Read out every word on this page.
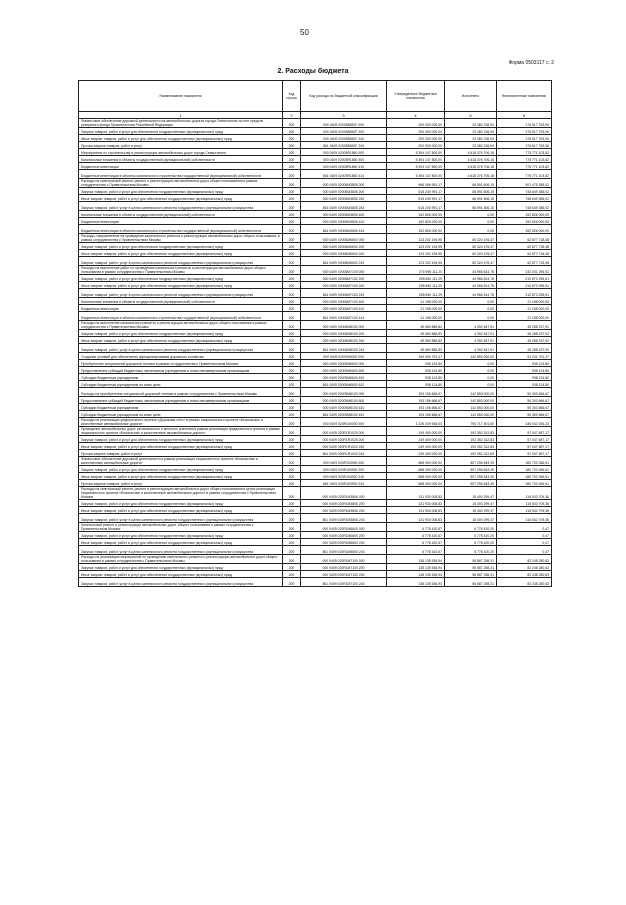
50
Форма 0503117 с. 2
2. Расходы бюджета
Наименование показателя	Код строки	Код расхода по бюджетной классификации	Утвержденные бюджетные назначения	Исполнено	Неисполненные назначения
1	2	3	4	5	6
Финансовое обеспечение дорожной деятельности на автомобильных дорогах города Севастополя за счет средств резервного фонда Правительства Российской Федерации	200	000 0409 020058360F 000	200 000 000,00	23 382 236,94	176 617 763,06
Закупка товаров, работ и услуг для обеспечения государственных (муниципальных) нужд	200	000 0409 020058360F 200	200 000 000,00	23 382 236,94	176 617 763,06
Иные закупки товаров, работ и услуг для обеспечения государственных (муниципальных) нужд	200	000 0409 020058360F 240	200 000 000,00	23 382 236,94	176 617 763,06
Прочая закупка товаров, работ и услуг	200	861 0409 020058360F 244	200 000 000,00	23 382 236,94	176 617 763,06
Мероприятия по строительству и реконструкции автомобильных дорог города Севастополя	200	000 0409 02005R1860 000	5 394 147 800,00	4 618 376 706,18	775 771 103,82
Капитальные вложения в объекты государственной (муниципальной) собственности	200	000 0409 02005R1860 400	5 394 147 800,00	4 618 376 706,18	775 771 103,82
Бюджетные инвестиции	200	000 0409 02005R1860 410	5 394 147 800,00	4 618 376 706,18	775 771 103,82
Бюджетные инвестиции в объекты капитального строительства государственной (муниципальной) собственности	200	861 0409 02005R1860 414	5 394 147 800,00	4 618 376 706,18	775 771 103,82
Расходы на капитальный ремонт, ремонт и реконструкцию автомобильных дорог общего пользования в рамках сотрудничества с Правительством Москвы	200	000 0409 02006М3805 000	968 066 991,17	66 591 606,15	901 475 385,02
Закупка товаров, работ и услуг для обеспечения государственных (муниципальных) нужд	200	000 0409 02006М3805 200	815 240 991,17	66 591 606,15	748 649 385,02
Иные закупки товаров, работ и услуг для обеспечения государственных (муниципальных) нужд	200	000 0409 02006М3805 240	815 240 991,17	66 591 606,15	748 649 385,02
Закупка товаров, работ, услуг в целях капитального ремонта государственного (муниципального) имущества	200	861 0409 02006М3805 243	815 240 991,17	66 591 606,15	748 649 385,02
Капитальные вложения в объекты государственной (муниципальной) собственности	200	000 0409 02006М3805 400	152 826 000,00	0,00	152 826 000,00
Бюджетные инвестиции	200	000 0409 02006М3805 410	152 826 000,00	0,00	152 826 000,00
Бюджетные инвестиции в объекты капитального строительства государственной (муниципальной) собственности	200	861 0409 02006М3805 414	152 826 000,00	0,00	152 826 000,00
Расходы, направленные на проведение капитального ремонта и реконструкции автомобильных дорог общего пользования, в рамках сотрудничества с Правительством Москвы	200	000 0409 02006М6600 000	123 202 194,95	60 324 476,47	62 877 718,48
Закупка товаров, работ и услуг для обеспечения государственных (муниципальных) нужд	200	000 0409 02006М6600 200	123 202 194,95	60 324 476,47	62 877 718,48
Иные закупки товаров, работ и услуг для обеспечения государственных (муниципальных) нужд	200	000 0409 02006М6600 240	123 202 194,95	60 324 476,47	62 877 718,48
Закупка товаров, работ, услуг в целях капитального ремонта государственного (муниципального) имущества	200	861 0409 02006М6600 243	123 202 194,95	60 324 476,47	62 877 718,48
Расходы на выполнение работ по проведению капитального ремонта и реконструкции автомобильных дорог общего пользования в рамках сотрудничества с Правительством Москвы	200	000 0409 02006М7100 000	276 998 111,20	44 966 814,78	232 031 296,51
Закупка товаров, работ и услуг для обеспечения государственных (муниципальных) нужд	200	000 0409 02006М7100 200	255 840 111,29	44 966 814,78	210 873 296,51
Иные закупки товаров, работ и услуг для обеспечения государственных (муниципальных) нужд	200	000 0409 02006М7100 240	255 840 111,29	44 966 814,78	210 873 296,51
Закупка товаров, работ, услуг в целях капитального ремонта государственного (муниципального) имущества	200	861 0409 02006М7100 243	255 840 111,29	44 966 814,78	210 873 296,51
Капитальные вложения в объекты государственной (муниципальной) собственности	200	000 0409 02006М7100 400	21 158 000,00	0,00	21 158 000,00
Бюджетные инвестиции	200	000 0409 02006М7100 410	21 158 000,00	0,00	21 158 000,00
Бюджетные инвестиции в объекты капитального строительства государственной (муниципальной) собственности	200	861 0409 02006М7100 414	21 158 000,00	0,00	21 158 000,00
Расходы на выполнение капитального ремонта и реконструкции автомобильных дорог общего пользования в рамках сотрудничества с Правительством Москвы	200	000 0409 02006М8100 000	49 650 885,83	4 392 647,91	45 258 237,92
Закупка товаров, работ и услуг для обеспечения государственных (муниципальных) нужд	200	000 0409 02006М8100 200	49 650 885,83	4 392 647,91	45 258 237,92
Иные закупки товаров, работ и услуг для обеспечения государственных (муниципальных) нужд	200	000 0409 02006М8100 240	49 650 885,83	4 392 647,91	45 258 237,92
Закупка товаров, работ, услуг в целях капитального ремонта государственного (муниципального) имущества	200	861 0409 02006М8100 243	49 650 885,83	4 392 647,91	45 258 237,92
Создание условий для обеспечения функционирования дорожного хозяйства	200	000 0409 0200900000 000	194 094 791,47	142 853 000,00	51 241 791,47
Приобретение специальной дорожной техники в рамках сотрудничества с Правительством Москвы	200	000 0409 02009М6600 000	938 124,80	0,00	938 124,80
Предоставление субсидий бюджетным, автономным учреждениям и иным некоммерческим организациям	200	000 0409 02009М6600 600	938 124,80	0,00	938 124,80
Субсидии бюджетным учреждениям	200	000 0409 02009М6600 610	938 124,80	0,00	938 124,80
Субсидии бюджетным учреждениям на иные цели	200	861 0409 02009М6600 612	938 124,80	0,00	938 124,80
Расходы на приобретение специальной дорожной техники в рамках сотрудничества с Правительством Москвы	200	000 0409 02009М8100 000	193 156 666,67	142 853 000,00	50 303 666,67
Предоставление субсидий бюджетным, автономным учреждениям и иным некоммерческим организациям	200	000 0409 02009М8100 600	193 156 666,67	142 853 000,00	50 303 666,67
Субсидии бюджетным учреждениям	200	000 0409 02009М8100 610	193 156 666,67	142 853 000,00	50 303 666,67
Субсидии бюджетным учреждениям на иные цели	200	861 0409 02009М8100 612	193 156 666,67	142 853 000,00	50 303 666,67
Расходы на реализацию федерального проекта «Дорожная сеть» в рамках национального проекта «Безопасные и качественные автомобильные дороги»	200	000 0409 020R100000 000	1 226 249 536,04	790 717 501,80	436 532 034,24
Приведение автомобильных дорог регионального и местного значения в рамках реализации федерального проекта в рамках национального проекта «Безопасные и качественные автомобильные дороги»	200	000 0409 020R1R1020 000	249 400 000,00	192 352 312,83	57 047 687,17
Закупка товаров, работ и услуг для обеспечения государственных (муниципальных) нужд	200	000 0409 020R1R1020 200	249 400 000,00	192 352 312,83	57 047 687,17
Иные закупки товаров, работ и услуг для обеспечения государственных (муниципальных) нужд	200	000 0409 020R1R1020 240	249 400 000,00	192 352 312,83	57 047 687,17
Прочая закупка товаров, работ и услуг	200	861 0409 020R1R1020 244	249 400 000,00	192 352 312,83	57 047 687,17
Финансовое обеспечение дорожной деятельности в рамках реализации национального проекта «Безопасные и качественные автомобильные дороги»	200	000 0409 020R153930 000	688 000 000,00	507 296 643,39	180 703 356,61
Закупка товаров, работ и услуг для обеспечения государственных (муниципальных) нужд	200	000 0409 020R153930 200	688 000 000,00	507 296 643,39	180 703 356,61
Иные закупки товаров, работ и услуг для обеспечения государственных (муниципальных) нужд	200	000 0409 020R153930 240	688 000 000,00	507 296 643,39	180 703 356,61
Прочая закупка товаров, работ и услуг	200	861 0409 020R153930 244	688 000 000,00	507 296 643,39	180 703 356,61
Расходы на капитальный ремонт, ремонт и реконструкцию автомобильных дорог общего пользования в целях реализации национального проекта «Безопасные и качественные автомобильные дороги» в рамках сотрудничества с Правительством Москвы	200	000 0409 020R1М3806 000	131 933 008,83	15 400 299,47	116 532 709,36
Закупка товаров, работ и услуг для обеспечения государственных (муниципальных) нужд	200	000 0409 020R1М3806 200	131 933 008,83	15 400 299,47	116 532 709,36
Иные закупки товаров, работ и услуг для обеспечения государственных (муниципальных) нужд	200	000 0409 020R1М3806 240	131 933 008,83	15 400 299,47	116 532 709,36
Закупка товаров, работ, услуг в целях капитального ремонта государственного (муниципального) имущества	200	861 0409 020R1М3806 243	131 933 008,83	15 400 299,47	116 532 709,36
Капитальный ремонт и реконструкция автомобильных дорог общего пользования в рамках сотрудничества с Правительством Москвы	200	000 0409 020R1М6600 000	6 778 420,67	6 778 420,20	0,47
Закупка товаров, работ и услуг для обеспечения государственных (муниципальных) нужд	200	000 0409 020R1М6600 200	6 778 420,67	6 778 420,20	0,47
Иные закупки товаров, работ и услуг для обеспечения государственных (муниципальных) нужд	200	000 0409 020R1М6600 240	6 778 420,67	6 778 420,20	0,47
Закупка товаров, работ, услуг в целях капитального ремонта государственного (муниципального) имущества	200	861 0409 020R1М6600 243	6 778 420,67	6 778 420,20	0,47
Расходы на реализацию мероприятий по проведению капитального ремонта и реконструкции автомобильных дорог общего пользования в рамках сотрудничества с Правительством Москвы	200	000 0409 020R1М7100 000	138 135 536,94	55 887 258,31	82 248 280,63
Закупка товаров, работ и услуг для обеспечения государственных (муниципальных) нужд	200	000 0409 020R1М7100 200	138 135 536,94	55 887 258,31	82 248 280,63
Иные закупки товаров, работ и услуг для обеспечения государственных (муниципальных) нужд	200	000 0409 020R1М7100 240	138 135 536,94	55 887 258,31	82 248 280,63
Закупка товаров, работ, услуг в целях капитального ремонта государственного (муниципального) имущества	200	861 0409 020R1М7100 243	138 135 536,94	55 887 258,31	82 248 280,63
